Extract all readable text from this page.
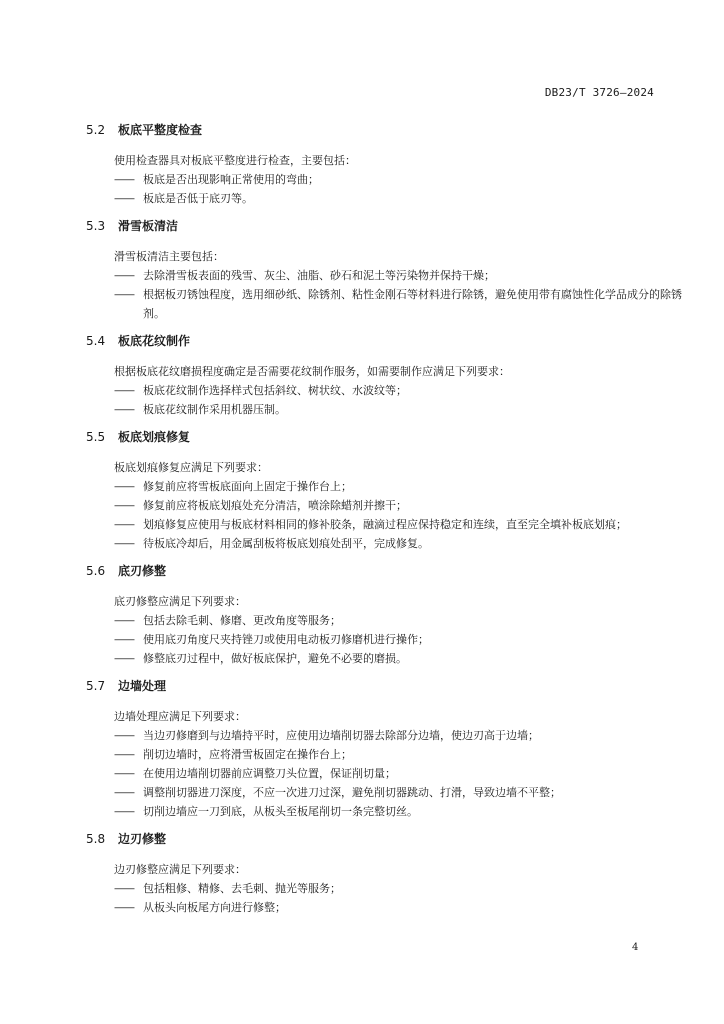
DB23/T 3726—2024
5.2 板底平整度检查
使用检查器具对板底平整度进行检查，主要包括：
—— 板底是否出现影响正常使用的弯曲；
—— 板底是否低于底刃等。
5.3 滑雪板清洁
滑雪板清洁主要包括：
—— 去除滑雪板表面的残雪、灰尘、油脂、砂石和泥土等污染物并保持干燥；
—— 根据板刃锈蚀程度，选用细砂纸、除锈剂、粘性金刚石等材料进行除锈，避免使用带有腐蚀性化学品成分的除锈剂。
5.4 板底花纹制作
根据板底花纹磨损程度确定是否需要花纹制作服务，如需要制作应满足下列要求：
—— 板底花纹制作选择样式包括斜纹、树状纹、水波纹等；
—— 板底花纹制作采用机器压制。
5.5 板底划痕修复
板底划痕修复应满足下列要求：
—— 修复前应将雪板底面向上固定于操作台上；
—— 修复前应将板底划痕处充分清洁，喷涂除蜡剂并擦干；
—— 划痕修复应使用与板底材料相同的修补胶条，融滴过程应保持稳定和连续，直至完全填补板底划痕；
—— 待板底冷却后，用金属刮板将板底划痕处刮平，完成修复。
5.6 底刃修整
底刃修整应满足下列要求：
—— 包括去除毛刺、修磨、更改角度等服务；
—— 使用底刃角度尺夹持锉刀或使用电动板刃修磨机进行操作；
—— 修整底刃过程中，做好板底保护，避免不必要的磨损。
5.7 边墙处理
边墙处理应满足下列要求：
—— 当边刃修磨到与边墙持平时，应使用边墙削切器去除部分边墙，使边刃高于边墙；
—— 削切边墙时，应将滑雪板固定在操作台上；
—— 在使用边墙削切器前应调整刀头位置，保证削切量；
—— 调整削切器进刀深度，不应一次进刀过深，避免削切器跳动、打滑，导致边墙不平整；
—— 切削边墙应一刀到底，从板头至板尾削切一条完整切丝。
5.8 边刃修整
边刃修整应满足下列要求：
—— 包括粗修、精修、去毛刺、抛光等服务；
—— 从板头向板尾方向进行修整；
4
